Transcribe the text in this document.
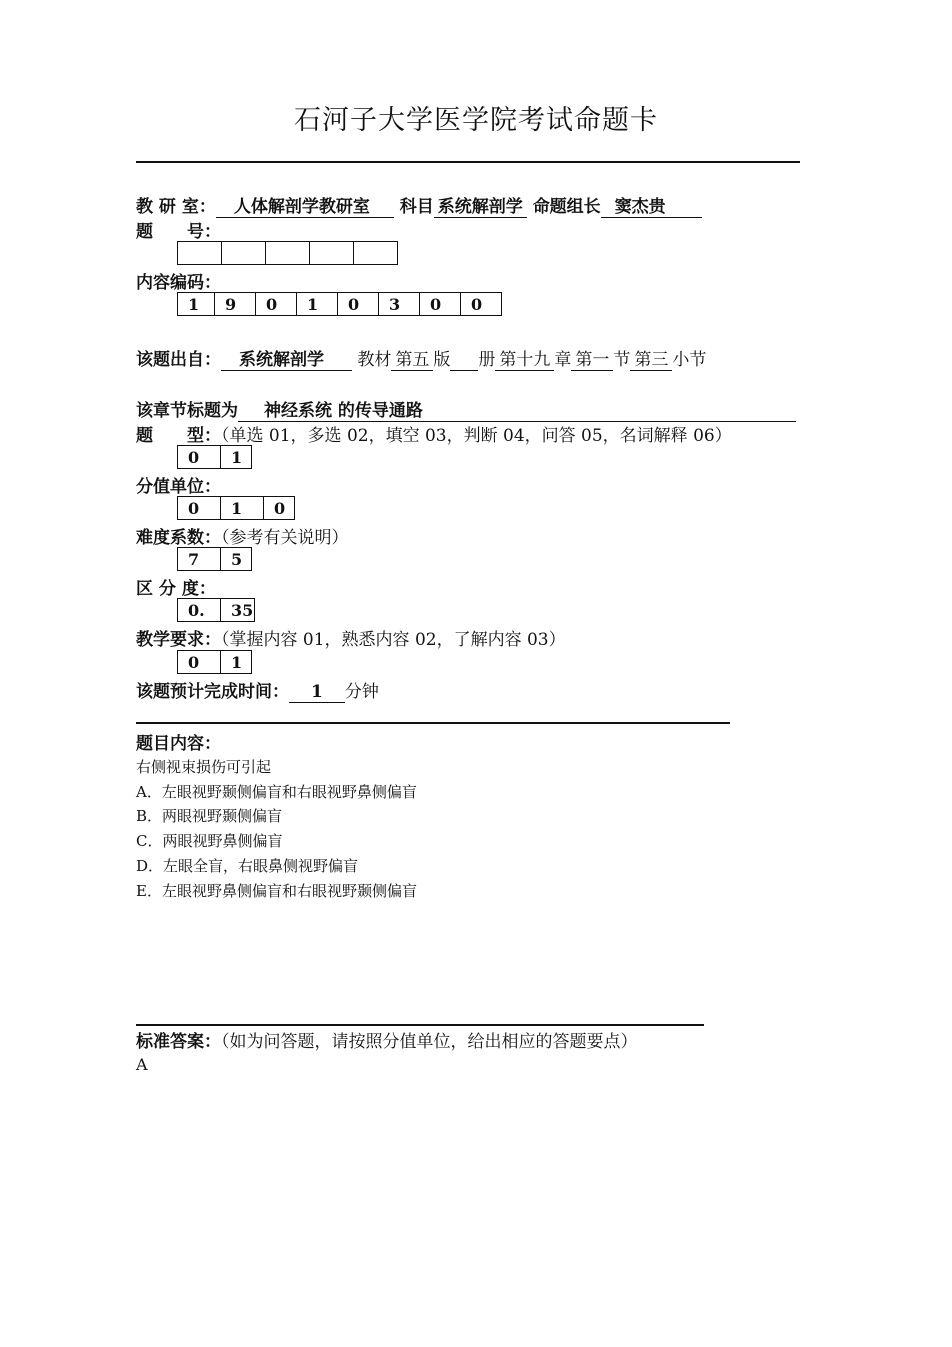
石河子大学医学院考试命题卡
教 研 室： 人体解剖学教研室 科目 系统解剖学 命题组长 窦杰贵
题　　号：

内容编码：
1	9	0	1	0	3	0	0
该题出自： 系统解剖学 教材 第五 版 册 第十九 章 第一 节 第三 小节
该章节标题为 神经系统 的传导通路
题　　型：（单选 01，多选 02，填空 03，判断 04，问答 05，名词解释 06）
0	1
分值单位：
0	1	0
难度系数：（参考有关说明）
7	5
区 分 度：
0.	35
教学要求：（掌握内容 01，熟悉内容 02，了解内容 03）
0	1
该题预计完成时间： 1 分钟
题目内容：
右侧视束损伤可引起
A．左眼视野颞侧偏盲和右眼视野鼻侧偏盲
B．两眼视野颞侧偏盲
C．两眼视野鼻侧偏盲
D．左眼全盲，右眼鼻侧视野偏盲
E．左眼视野鼻侧偏盲和右眼视野颞侧偏盲
标准答案：（如为问答题，请按照分值单位，给出相应的答题要点）
A
